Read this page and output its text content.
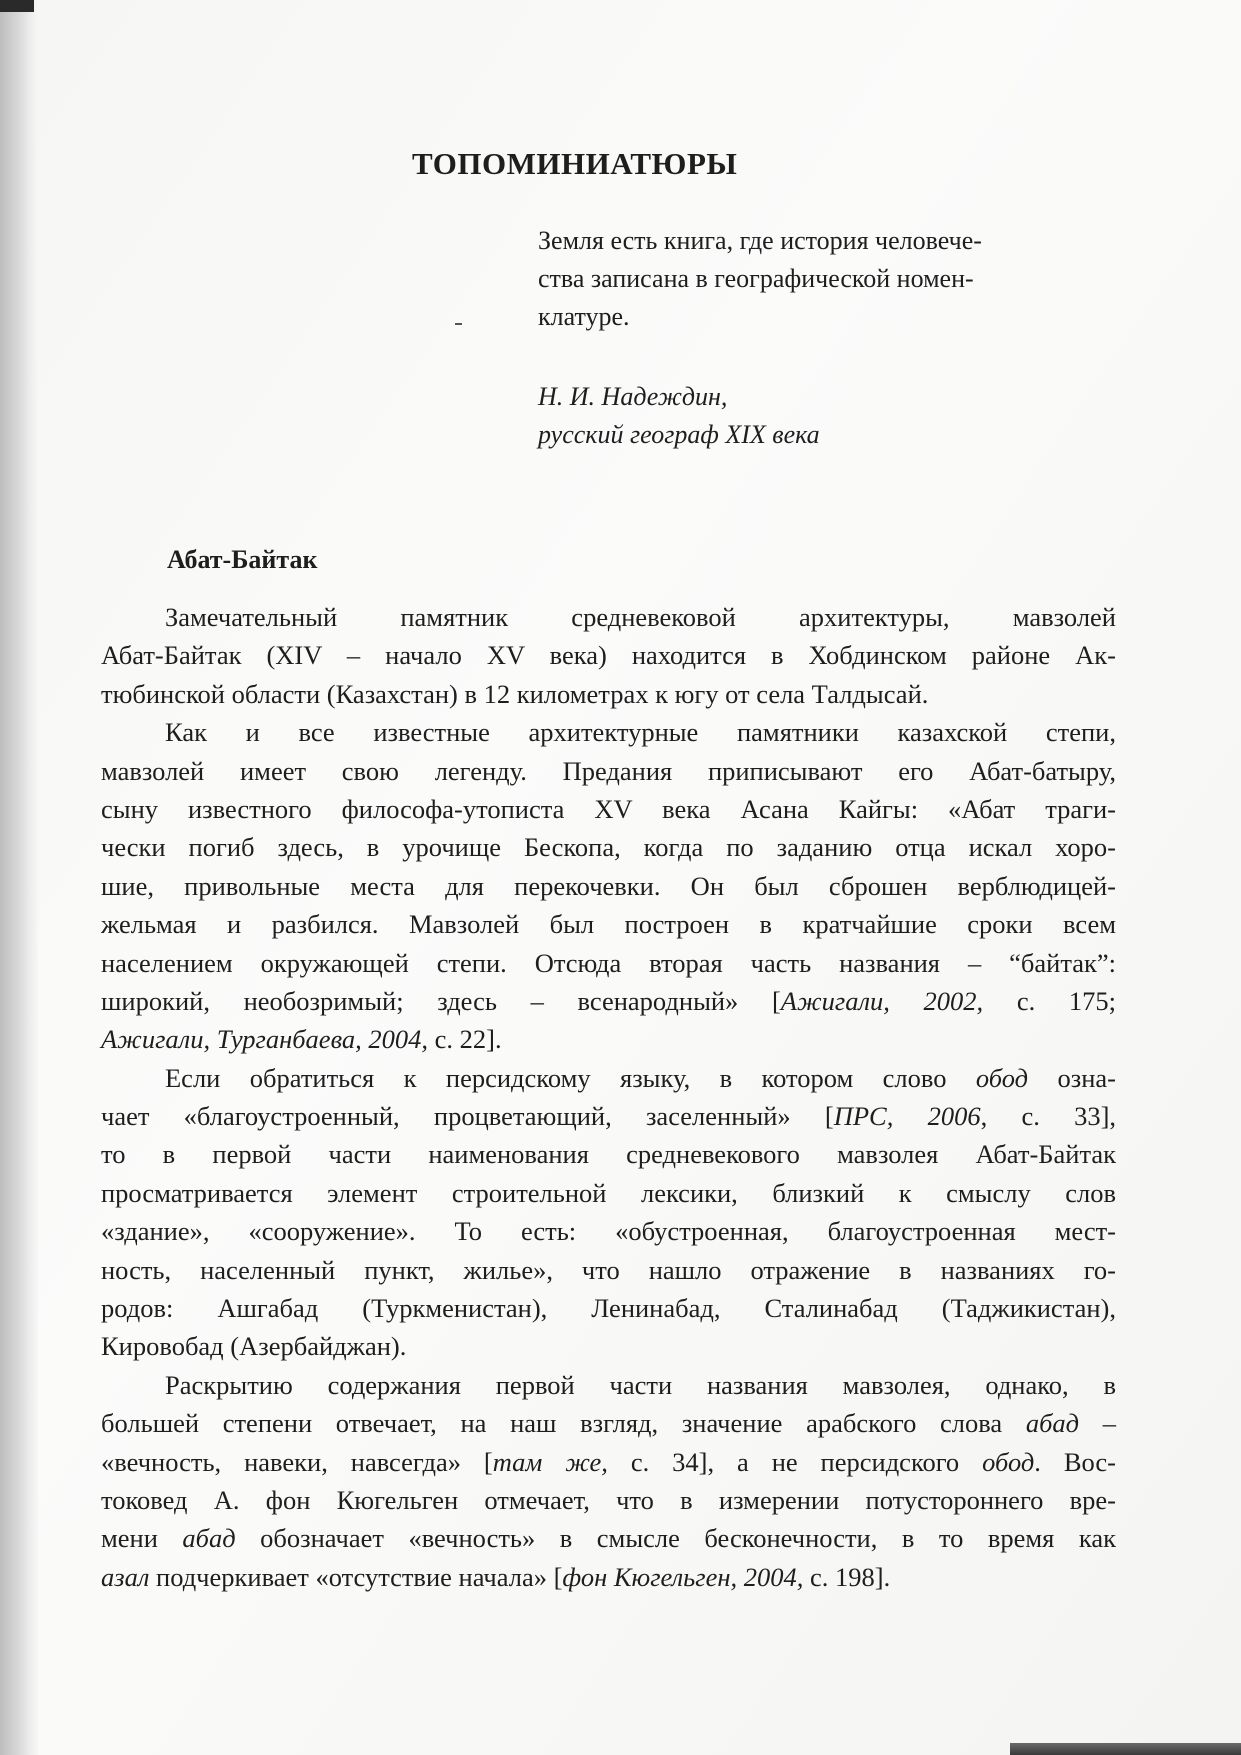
ТОПОМИНИАТЮРЫ
Земля есть книга, где история человече-
ства записана в географической номен-
клатуре.
Н. И. Надеждин,
русский географ XIX века
Абат-Байтак
Замечательный памятник средневековой архитектуры, мавзолей
Абат-Байтак (XIV – начало XV века) находится в Хобдинском районе Ак-
тюбинской области (Казахстан) в 12 километрах к югу от села Талдысай.
Как и все известные архитектурные памятники казахской степи,
мавзолей имеет свою легенду. Предания приписывают его Абат-батыру,
сыну известного философа-утописта XV века Асана Кайгы: «Абат траги-
чески погиб здесь, в урочище Бескопа, когда по заданию отца искал хоро-
шие, привольные места для перекочевки. Он был сброшен верблюдицей-
жельмая и разбился. Мавзолей был построен в кратчайшие сроки всем
населением окружающей степи. Отсюда вторая часть названия – “байтак”:
широкий, необозримый; здесь – всенародный» [Ажигали, 2002, с. 175;
Ажигали, Турганбаева, 2004, с. 22].
Если обратиться к персидскому языку, в котором слово обод озна-
чает «благоустроенный, процветающий, заселенный» [ПРС, 2006, с. 33],
то в первой части наименования средневекового мавзолея Абат-Байтак
просматривается элемент строительной лексики, близкий к смыслу слов
«здание», «сооружение». То есть: «обустроенная, благоустроенная мест-
ность, населенный пункт, жилье», что нашло отражение в названиях го-
родов: Ашгабад (Туркменистан), Ленинабад, Сталинабад (Таджикистан),
Кировобад (Азербайджан).
Раскрытию содержания первой части названия мавзолея, однако, в
большей степени отвечает, на наш взгляд, значение арабского слова абад –
«вечность, навеки, навсегда» [там же, с. 34], а не персидского обод. Вос-
токовед А. фон Кюгельген отмечает, что в измерении потустороннего вре-
мени абад обозначает «вечность» в смысле бесконечности, в то время как
азал подчеркивает «отсутствие начала» [фон Кюгельген, 2004, с. 198].
